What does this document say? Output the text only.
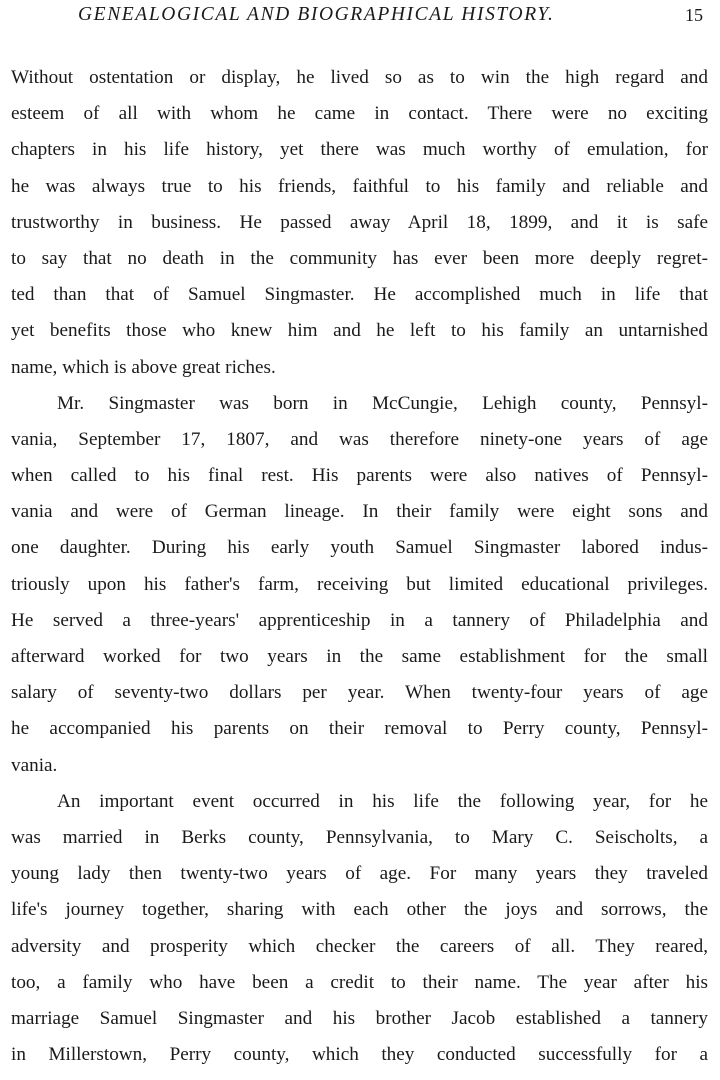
GENEALOGICAL AND BIOGRAPHICAL HISTORY.	15
Without ostentation or display, he lived so as to win the high regard and
esteem of all with whom he came in contact. There were no exciting
chapters in his life history, yet there was much worthy of emulation, for
he was always true to his friends, faithful to his family and reliable and
trustworthy in business. He passed away April 18, 1899, and it is safe
to say that no death in the community has ever been more deeply regret-
ted than that of Samuel Singmaster. He accomplished much in life that
yet benefits those who knew him and he left to his family an untarnished
name, which is above great riches.
Mr. Singmaster was born in McCungie, Lehigh county, Pennsyl-
vania, September 17, 1807, and was therefore ninety-one years of age
when called to his final rest. His parents were also natives of Pennsyl-
vania and were of German lineage. In their family were eight sons and
one daughter. During his early youth Samuel Singmaster labored indus-
triously upon his father's farm, receiving but limited educational privileges.
He served a three-years' apprenticeship in a tannery of Philadelphia and
afterward worked for two years in the same establishment for the small
salary of seventy-two dollars per year. When twenty-four years of age
he accompanied his parents on their removal to Perry county, Pennsyl-
vania.
An important event occurred in his life the following year, for he
was married in Berks county, Pennsylvania, to Mary C. Seischolts, a
young lady then twenty-two years of age. For many years they traveled
life's journey together, sharing with each other the joys and sorrows, the
adversity and prosperity which checker the careers of all. They reared,
too, a family who have been a credit to their name. The year after his
marriage Samuel Singmaster and his brother Jacob established a tannery
in Millerstown, Perry county, which they conducted successfully for a
